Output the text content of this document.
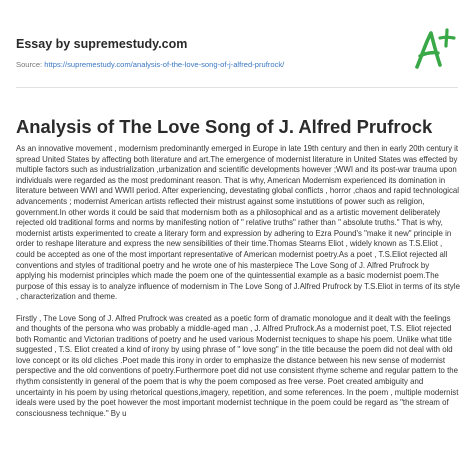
Essay by supremestudy.com
Source: https://supremestudy.com/analysis-of-the-love-song-of-j-alfred-prufrock/
Analysis of The Love Song of J. Alfred Prufrock

As an innovative movement , modernism predominantly emerged in Europe in late 19th century and then in early 20th century it spread United States by affecting both literature and art.The emergence of modernist literature in United States was effected by multiple factors such as industrialization ,urbanization and scientific developments however ;WWI and its post-war trauma upon individuals were regarded as the most predominant reason. That is why, American Modernism experienced its domination in literature between WWI and WWII period. After experiencing, devestating global conflicts , horror ,chaos and rapid technological advancements ; modernist American artists reflected their mistrust against some instutitions of power such as religion, government.In other words it could be said that modernism both as a philosophical and as a artistic movement deliberately rejected old traditional forms and norms by manifesting notion of " relative truths" rather than " absolute truths." That is why, modernist artists experimented to create a literary form and expression by adhering to Ezra Pound's "make it new" principle in order to reshape literature and express the new sensibilities of their time.Thomas Stearns Eliot , widely known as T.S.Eliot , could be accepted as one of the most important representative of American modernist poetry.As a poet , T.S.Eliot rejected all conventions and styles of traditional poetry and he wrote one of his masterpiece The Love Song of J. Alfred Prufrock by applying his modernist principles which made the poem one of the quintessential example as a basic modernist poem.The purpose of this essay is to analyze influence of modernism in The Love Song of J.Alfred Prufrock by T.S.Eliot in terms of its style , characterization and theme.

Firstly , The Love Song of J. Alfred Prufrock was created as a poetic form of dramatic monologue and it dealt with the feelings and thoughts of the persona who was probably a middle-aged man , J. Alfred Prufrock.As a modernist poet, T.S. Eliot rejected both Romantic and Victorian traditions of poetry and he used various Modernist tecniques to shape his poem. Unlike what title suggested , T.S. Eliot created a kind of irony by using phrase of " love song" in the title because the poem did not deal with old love concept or its old cliches .Poet made this irony in order to emphasize the distance between his new sense of modernist perspective and the old conventions of poetry.Furthermore poet did not use consistent rhyme scheme and regular pattern to the rhythm consistently in general of the poem that is why the poem composed as free verse. Poet created ambiguity and uncertainty in his poem by using rhetorical questions,imagery, repetition, and some references. In the poem , multiple modernist ideals were used by the poet however the most important modernist technique in the poem could be regard as "the stream of consciousness technique." By u
